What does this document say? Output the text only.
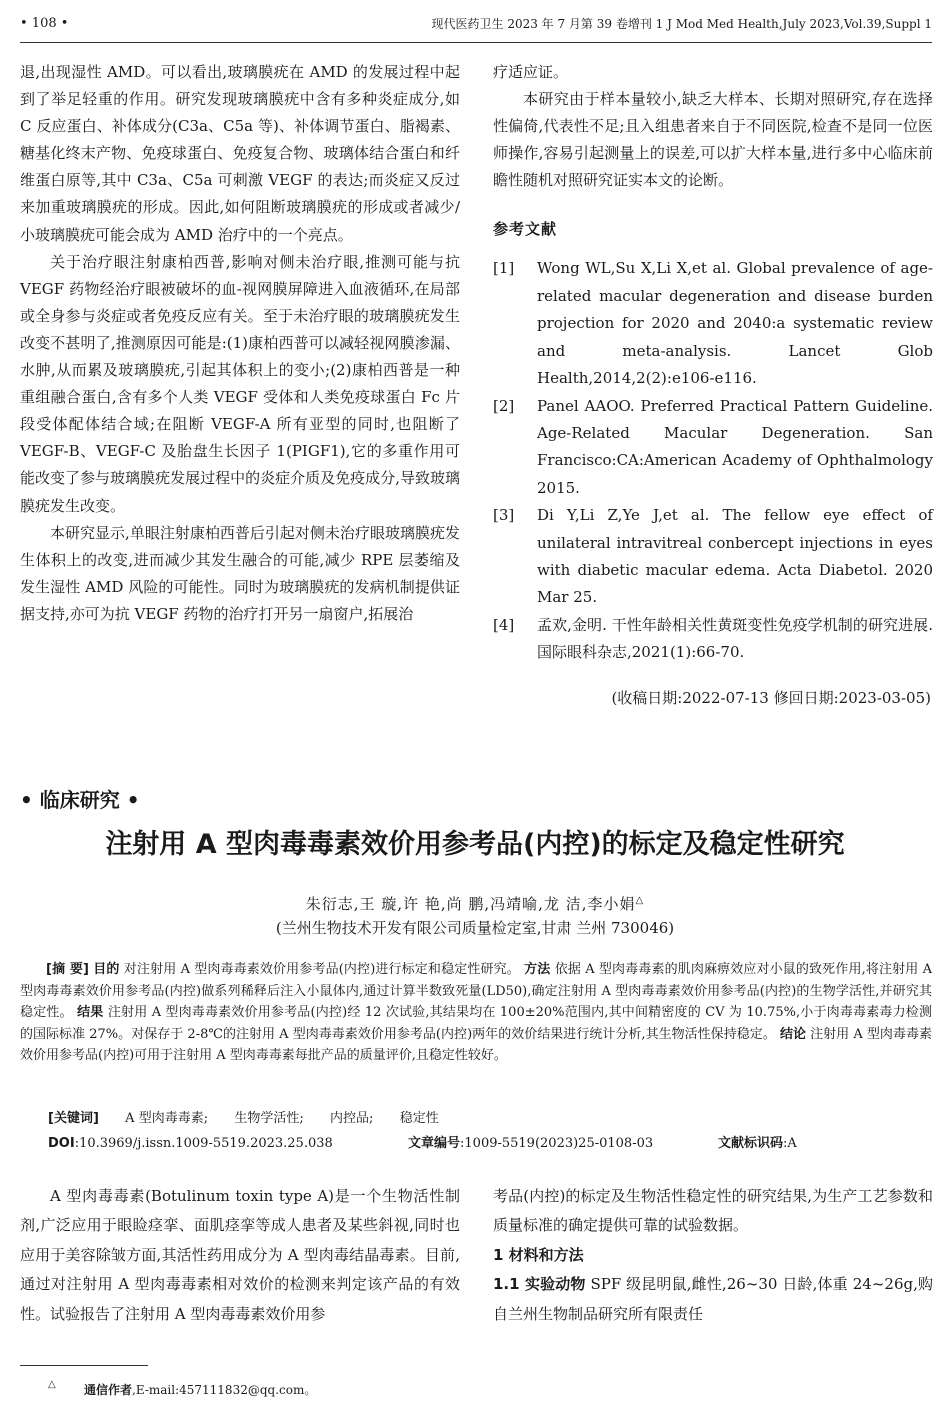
• 108 •	现代医药卫生 2023 年 7 月第 39 卷增刊 1 J Mod Med Health,July 2023,Vol.39,Suppl 1

退,出现湿性 AMD。可以看出,玻璃膜疣在 AMD 的发展过程中起到了举足轻重的作用。研究发现玻璃膜疣中含有多种炎症成分,如 C 反应蛋白、补体成分(C3a、C5a 等)、补体调节蛋白、脂褐素、糖基化终末产物、免疫球蛋白、免疫复合物、玻璃体结合蛋白和纤维蛋白原等,其中 C3a、C5a 可刺激 VEGF 的表达;而炎症又反过来加重玻璃膜疣的形成。因此,如何阻断玻璃膜疣的形成或者减少/小玻璃膜疣可能会成为 AMD 治疗中的一个亮点。

关于治疗眼注射康柏西普,影响对侧未治疗眼,推测可能与抗 VEGF 药物经治疗眼被破坏的血-视网膜屏障进入血液循环,在局部或全身参与炎症或者免疫反应有关。至于未治疗眼的玻璃膜疣发生改变不甚明了,推测原因可能是:(1)康柏西普可以减轻视网膜渗漏、水肿,从而累及玻璃膜疣,引起其体积上的变小;(2)康柏西普是一种重组融合蛋白,含有多个人类 VEGF 受体和人类免疫球蛋白 Fc 片段受体配体结合域;在阻断 VEGF-A 所有亚型的同时,也阻断了 VEGF-B、VEGF-C 及胎盘生长因子 1(PIGF1),它的多重作用可能改变了参与玻璃膜疣发展过程中的炎症介质及免疫成分,导致玻璃膜疣发生改变。

本研究显示,单眼注射康柏西普后引起对侧未治疗眼玻璃膜疣发生体积上的改变,进而减少其发生融合的可能,减少 RPE 层萎缩及发生湿性 AMD 风险的可能性。同时为玻璃膜疣的发病机制提供证据支持,亦可为抗 VEGF 药物的治疗打开另一扇窗户,拓展治

疗适应证。

本研究由于样本量较小,缺乏大样本、长期对照研究,存在选择性偏倚,代表性不足;且入组患者来自于不同医院,检查不是同一位医师操作,容易引起测量上的误差,可以扩大样本量,进行多中心临床前瞻性随机对照研究证实本文的论断。

参考文献
[1]	Wong WL,Su X,Li X,et al. Global prevalence of age-related macular degeneration and disease burden projection for 2020 and 2040:a systematic review and meta-analysis. Lancet Glob Health,2014,2(2):e106-e116.
[2]	Panel AAOO. Preferred Practical Pattern Guideline. Age-Related Macular Degeneration. San Francisco:CA:American Academy of Ophthalmology 2015.
[3]	Di Y,Li Z,Ye J,et al. The fellow eye effect of unilateral intravitreal conbercept injections in eyes with diabetic macular edema. Acta Diabetol. 2020 Mar 25.
[4]	孟欢,金明. 干性年龄相关性黄斑变性免疫学机制的研究进展. 国际眼科杂志,2021(1):66-70.
(收稿日期:2022-07-13 修回日期:2023-03-05)
• 临床研究 •
注射用 A 型肉毒毒素效价用参考品(内控)的标定及稳定性研究
朱衍志,王 璇,许 艳,尚 鹏,冯靖喻,龙 洁,李小娟△
(兰州生物技术开发有限公司质量检定室,甘肃 兰州 730046)
[摘 要] 目的 对注射用 A 型肉毒毒素效价用参考品(内控)进行标定和稳定性研究。 方法 依据 A 型肉毒毒素的肌肉麻痹效应对小鼠的致死作用,将注射用 A 型肉毒毒素效价用参考品(内控)做系列稀释后注入小鼠体内,通过计算半数致死量(LD50),确定注射用 A 型肉毒毒素效价用参考品(内控)的生物学活性,并研究其稳定性。 结果 注射用 A 型肉毒毒素效价用参考品(内控)经 12 次试验,其结果均在 100±20%范围内,其中间精密度的 CV 为 10.75%,小于肉毒毒素毒力检测的国际标准 27%。对保存于 2-8℃的注射用 A 型肉毒毒素效价用参考品(内控)两年的效价结果进行统计分析,其生物活性保持稳定。 结论 注射用 A 型肉毒毒素效价用参考品(内控)可用于注射用 A 型肉毒毒素每批产品的质量评价,且稳定性较好。
[关键词] A 型肉毒毒素; 生物学活性; 内控品; 稳定性
DOI:10.3969/j.issn.1009-5519.2023.25.038	文章编号:1009-5519(2023)25-0108-03	文献标识码:A

A 型肉毒毒素(Botulinum toxin type A)是一个生物活性制剂,广泛应用于眼睑痉挛、面肌痉挛等成人患者及某些斜视,同时也应用于美容除皱方面,其活性药用成分为 A 型肉毒结晶毒素。目前,通过对注射用 A 型肉毒毒素相对效价的检测来判定该产品的有效性。试验报告了注射用 A 型肉毒毒素效价用参

考品(内控)的标定及生物活性稳定性的研究结果,为生产工艺参数和质量标准的确定提供可靠的试验数据。

1 材料和方法

1.1 实验动物 SPF 级昆明鼠,雌性,26~30 日龄,体重 24~26g,购自兰州生物制品研究所有限责任

△ 通信作者,E-mail:457111832@qq.com。
